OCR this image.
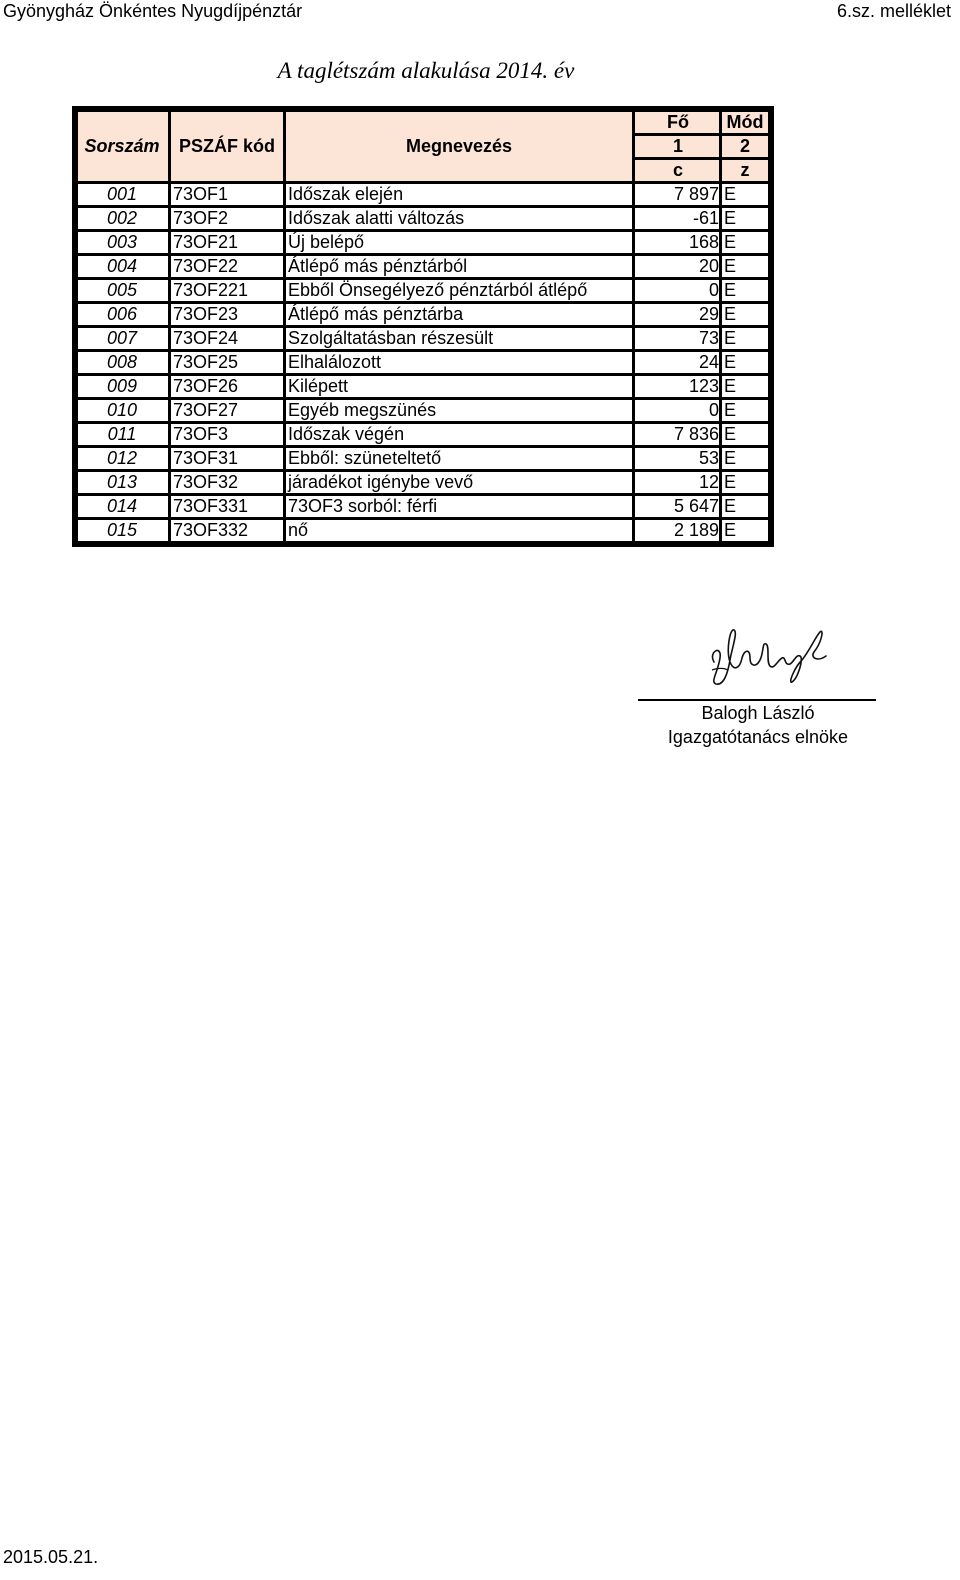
Gyönygház Önkéntes Nyugdíjpénztár	6.sz. melléklet
A taglétszám alakulása 2014. év
Sorszám	PSZÁF kód	Megnevezés	Fő	Mód
			1	2
			c	z
001	73OF1	Időszak elején	7 897	E
002	73OF2	Időszak alatti változás	-61	E
003	73OF21	Új belépő	168	E
004	73OF22	Átlépő más pénztárból	20	E
005	73OF221	Ebből Önsegélyező pénztárból átlépő	0	E
006	73OF23	Átlépő más pénztárba	29	E
007	73OF24	Szolgáltatásban részesült	73	E
008	73OF25	Elhalálozott	24	E
009	73OF26	Kilépett	123	E
010	73OF27	Egyéb megszünés	0	E
011	73OF3	Időszak végén	7 836	E
012	73OF31	Ebből: szüneteltető	53	E
013	73OF32	járadékot igénybe vevő	12	E
014	73OF331	73OF3 sorból: férfi	5 647	E
015	73OF332	nő	2 189	E
Balogh László
Igazgatótanács elnöke
2015.05.21.
